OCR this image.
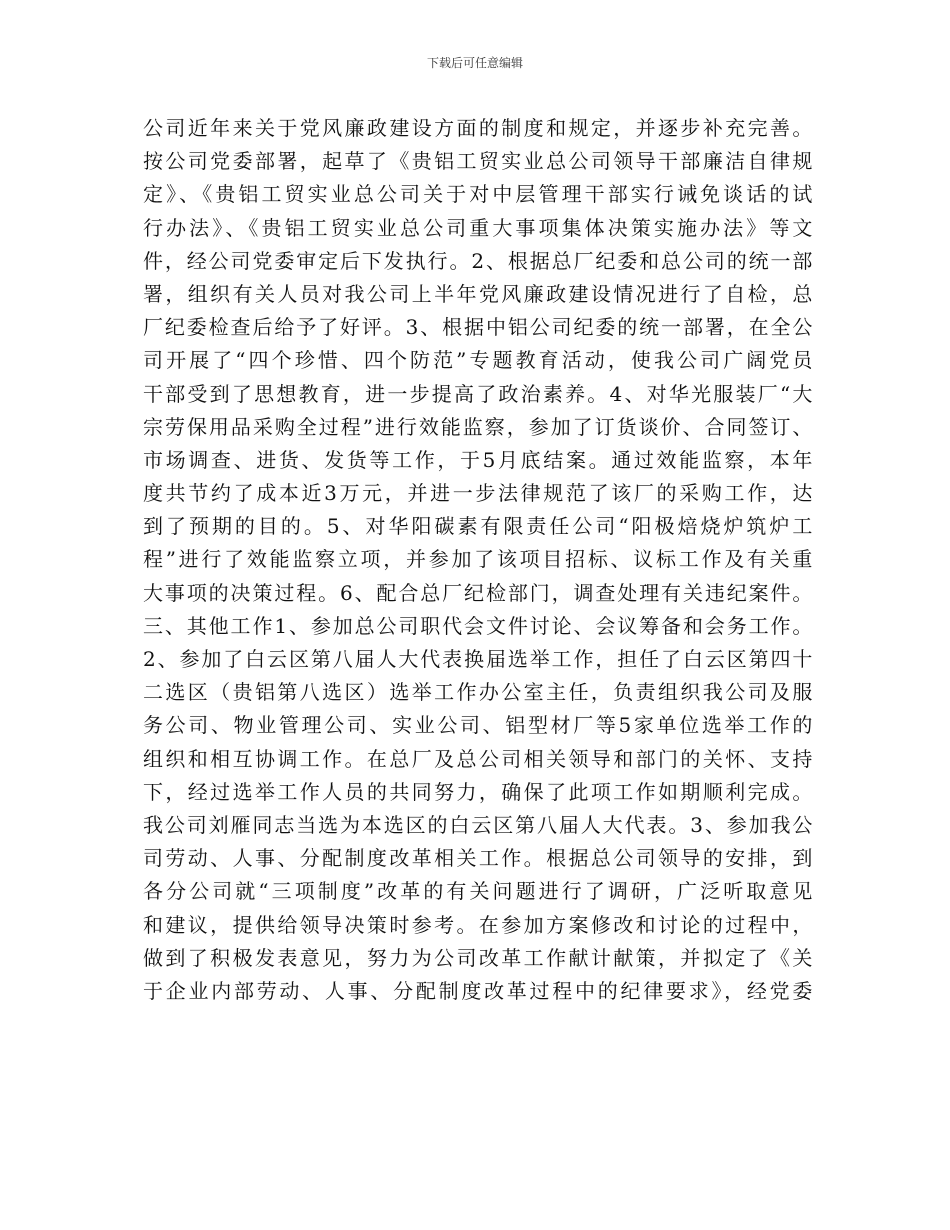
下载后可任意编辑
公司近年来关于党风廉政建设方面的制度和规定，并逐步补充完善。
按公司党委部署，起草了《贵铝工贸实业总公司领导干部廉洁自律规
定》、《贵铝工贸实业总公司关于对中层管理干部实行诫免谈话的试
行办法》、《贵铝工贸实业总公司重大事项集体决策实施办法》等文
件，经公司党委审定后下发执行。2、根据总厂纪委和总公司的统一部
署，组织有关人员对我公司上半年党风廉政建设情况进行了自检，总
厂纪委检查后给予了好评。3、根据中铝公司纪委的统一部署，在全公
司开展了“四个珍惜、四个防范”专题教育活动，使我公司广阔党员
干部受到了思想教育，进一步提高了政治素养。4、对华光服装厂“大
宗劳保用品采购全过程”进行效能监察，参加了订货谈价、合同签订、
市场调查、进货、发货等工作，于5月底结案。通过效能监察，本年
度共节约了成本近3万元，并进一步法律规范了该厂的采购工作，达
到了预期的目的。5、对华阳碳素有限责任公司“阳极焙烧炉筑炉工
程”进行了效能监察立项，并参加了该项目招标、议标工作及有关重
大事项的决策过程。6、配合总厂纪检部门，调查处理有关违纪案件。
三、其他工作1、参加总公司职代会文件讨论、会议筹备和会务工作。
2、参加了白云区第八届人大代表换届选举工作，担任了白云区第四十
二选区（贵铝第八选区）选举工作办公室主任，负责组织我公司及服
务公司、物业管理公司、实业公司、铝型材厂等5家单位选举工作的
组织和相互协调工作。在总厂及总公司相关领导和部门的关怀、支持
下，经过选举工作人员的共同努力，确保了此项工作如期顺利完成。
我公司刘雁同志当选为本选区的白云区第八届人大代表。3、参加我公
司劳动、人事、分配制度改革相关工作。根据总公司领导的安排，到
各分公司就“三项制度”改革的有关问题进行了调研，广泛听取意见
和建议，提供给领导决策时参考。在参加方案修改和讨论的过程中，
做到了积极发表意见，努力为公司改革工作献计献策，并拟定了《关
于企业内部劳动、人事、分配制度改革过程中的纪律要求》，经党委
